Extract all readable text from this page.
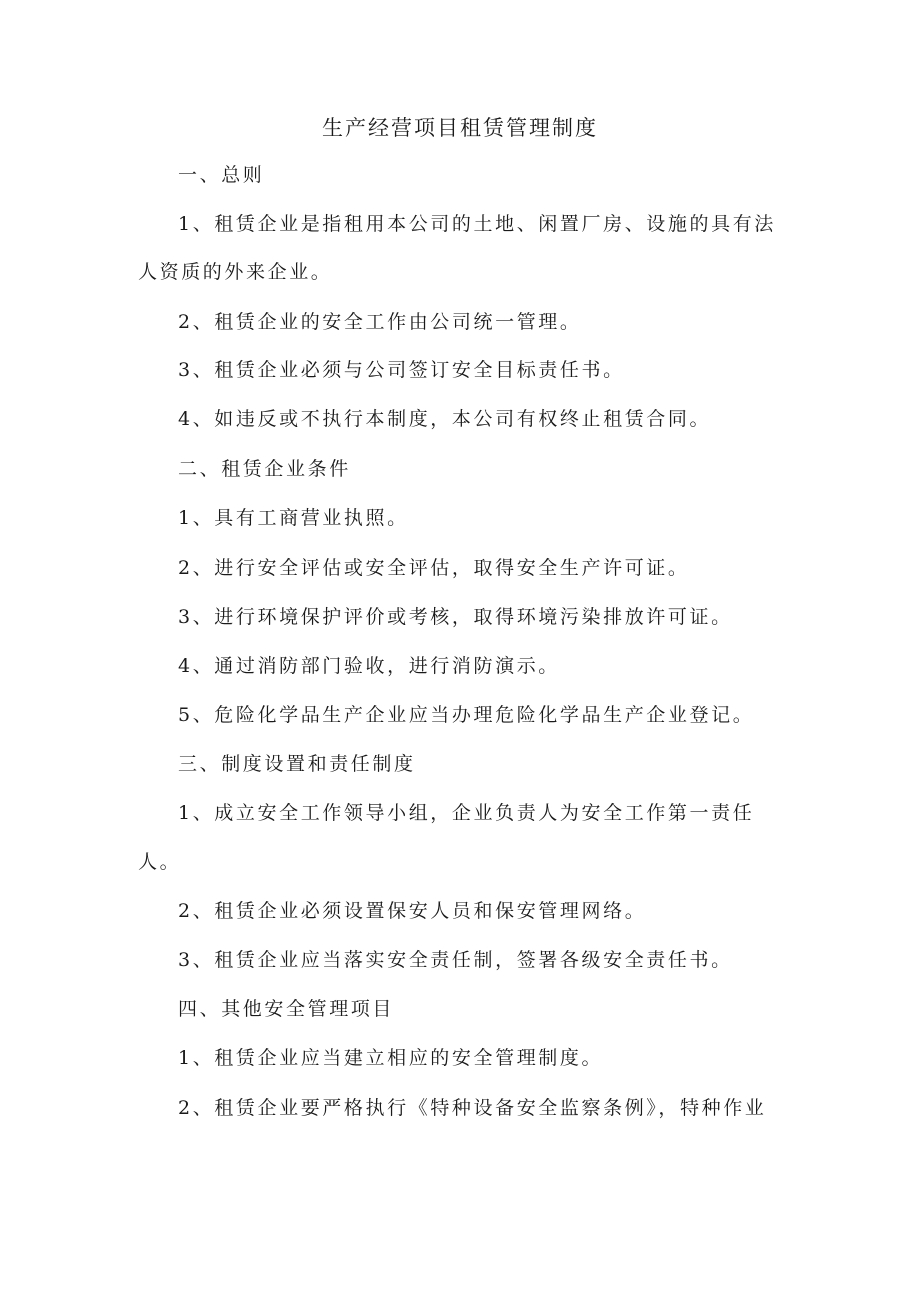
生产经营项目租赁管理制度
一、总则
1、租赁企业是指租用本公司的土地、闲置厂房、设施的具有法
人资质的外来企业。
2、租赁企业的安全工作由公司统一管理。
3、租赁企业必须与公司签订安全目标责任书。
4、如违反或不执行本制度，本公司有权终止租赁合同。
二、租赁企业条件
1、具有工商营业执照。
2、进行安全评估或安全评估，取得安全生产许可证。
3、进行环境保护评价或考核，取得环境污染排放许可证。
4、通过消防部门验收，进行消防演示。
5、危险化学品生产企业应当办理危险化学品生产企业登记。
三、制度设置和责任制度
1、成立安全工作领导小组，企业负责人为安全工作第一责任
人。
2、租赁企业必须设置保安人员和保安管理网络。
3、租赁企业应当落实安全责任制，签署各级安全责任书。
四、其他安全管理项目
1、租赁企业应当建立相应的安全管理制度。
2、租赁企业要严格执行《特种设备安全监察条例》，特种作业
